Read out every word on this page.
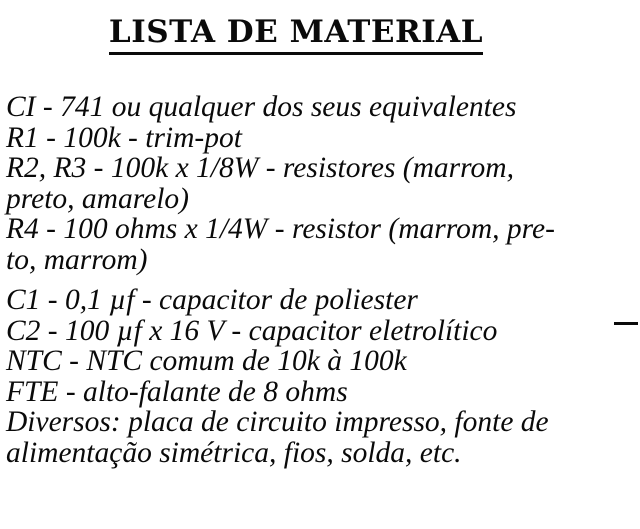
LISTA DE MATERIAL
CI - 741 ou qualquer dos seus equivalentes
R1 - 100k - trim-pot
R2, R3 - 100k x 1/8W - resistores (marrom,
preto, amarelo)
R4 - 100 ohms x 1/4W - resistor (marrom, pre-
to, marrom)
C1 - 0,1 µf - capacitor de poliester
C2 - 100 µf x 16 V - capacitor eletrolítico
NTC - NTC comum de 10k à 100k
FTE - alto-falante de 8 ohms
Diversos: placa de circuito impresso, fonte de
alimentação simétrica, fios, solda, etc.
